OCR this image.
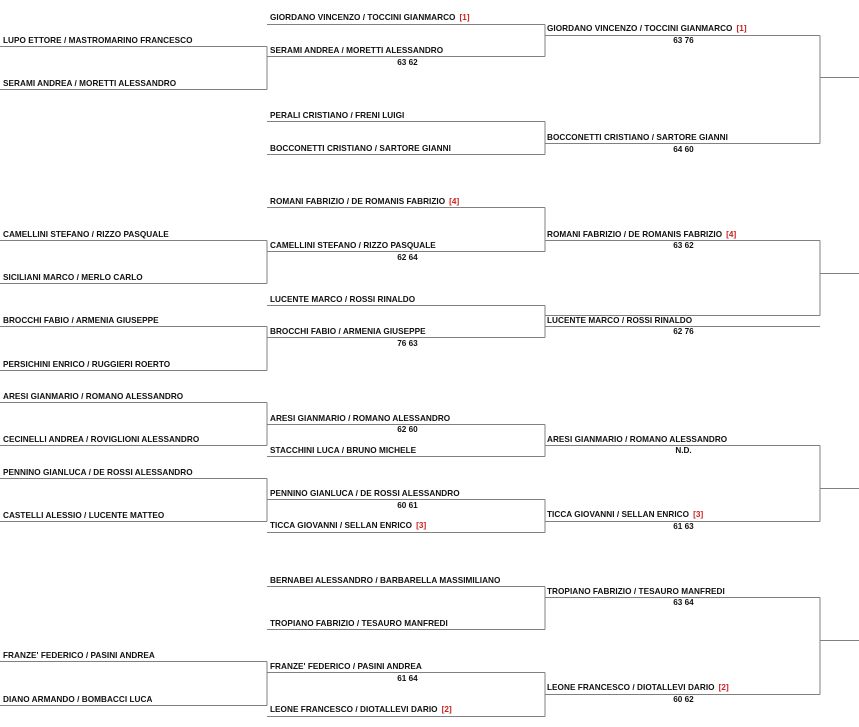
LUPO ETTORE / MASTROMARINO FRANCESCO
SERAMI ANDREA / MORETTI ALESSANDRO
CAMELLINI STEFANO / RIZZO PASQUALE
SICILIANI MARCO / MERLO CARLO
BROCCHI FABIO / ARMENIA GIUSEPPE
PERSICHINI ENRICO / RUGGIERI ROERTO
ARESI GIANMARIO / ROMANO ALESSANDRO
CECINELLI ANDREA / ROVIGLIONI ALESSANDRO
PENNINO GIANLUCA / DE ROSSI ALESSANDRO
CASTELLI ALESSIO / LUCENTE MATTEO
FRANZE' FEDERICO / PASINI ANDREA
DIANO ARMANDO / BOMBACCI LUCA
GIORDANO VINCENZO / TOCCINI GIANMARCO [1]
SERAMI ANDREA / MORETTI ALESSANDRO
63 62
PERALI CRISTIANO / FRENI LUIGI
BOCCONETTI CRISTIANO / SARTORE GIANNI
ROMANI FABRIZIO / DE ROMANIS FABRIZIO [4]
CAMELLINI STEFANO / RIZZO PASQUALE
62 64
LUCENTE MARCO / ROSSI RINALDO
BROCCHI FABIO / ARMENIA GIUSEPPE
76 63
ARESI GIANMARIO / ROMANO ALESSANDRO
62 60
STACCHINI LUCA / BRUNO MICHELE
PENNINO GIANLUCA / DE ROSSI ALESSANDRO
60 61
TICCA GIOVANNI / SELLAN ENRICO [3]
BERNABEI ALESSANDRO / BARBARELLA MASSIMILIANO
TROPIANO FABRIZIO / TESAURO MANFREDI
FRANZE' FEDERICO / PASINI ANDREA
61 64
LEONE FRANCESCO / DIOTALLEVI DARIO [2]
GIORDANO VINCENZO / TOCCINI GIANMARCO [1]
63 76
BOCCONETTI CRISTIANO / SARTORE GIANNI
64 60
ROMANI FABRIZIO / DE ROMANIS FABRIZIO [4]
63 62
LUCENTE MARCO / ROSSI RINALDO
62 76
ARESI GIANMARIO / ROMANO ALESSANDRO
N.D.
TICCA GIOVANNI / SELLAN ENRICO [3]
61 63
TROPIANO FABRIZIO / TESAURO MANFREDI
63 64
LEONE FRANCESCO / DIOTALLEVI DARIO [2]
60 62
